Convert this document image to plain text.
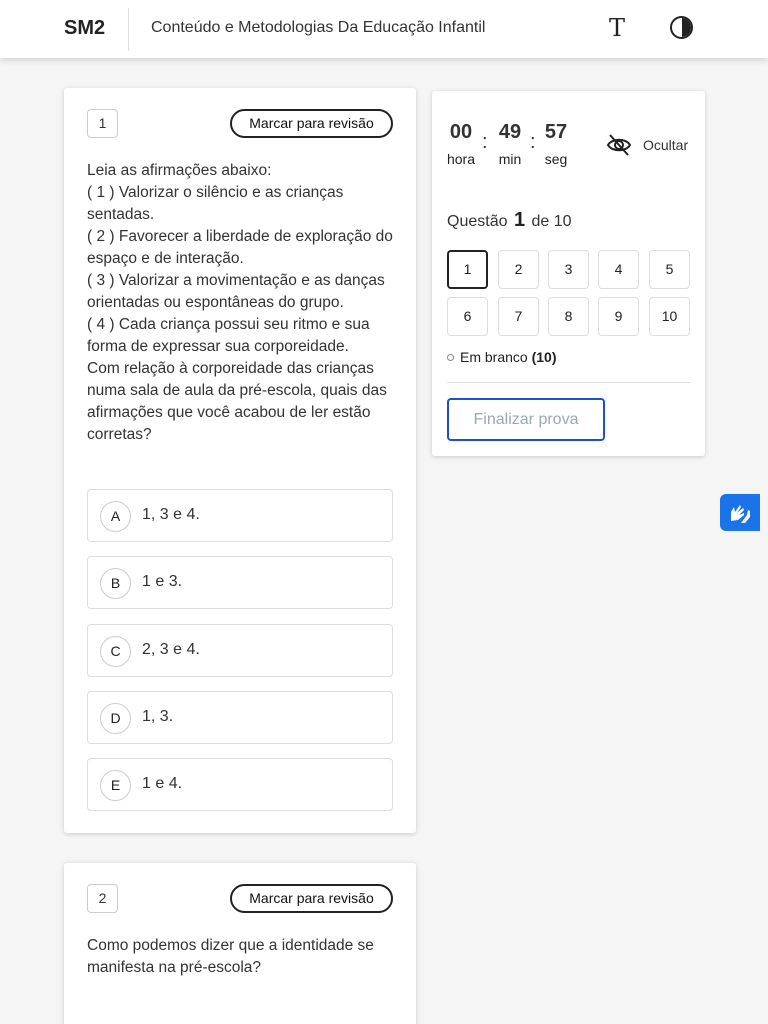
SM2	Conteúdo e Metodologias Da Educação Infantil	T
1	Marcar para revisão
Leia as afirmações abaixo:
( 1 ) Valorizar o silêncio e as crianças sentadas.
( 2 ) Favorecer a liberdade de exploração do espaço e de interação.
( 3 ) Valorizar a movimentação e as danças orientadas ou espontâneas do grupo.
( 4 ) Cada criança possui seu ritmo e sua forma de expressar sua corporeidade.
Com relação à corporeidade das crianças numa sala de aula da pré-escola, quais das afirmações que você acabou de ler estão corretas?
A	1, 3 e 4.
B	1 e 3.
C	2, 3 e 4.
D	1, 3.
E	1 e 4.
2	Marcar para revisão
Como podemos dizer que a identidade se manifesta na pré-escola?
00
hora
: 49
min
: 57
seg
Ocultar
Questão 1 de 10
1	2	3	4	5
6	7	8	9	10
Em branco (10)
Finalizar prova
